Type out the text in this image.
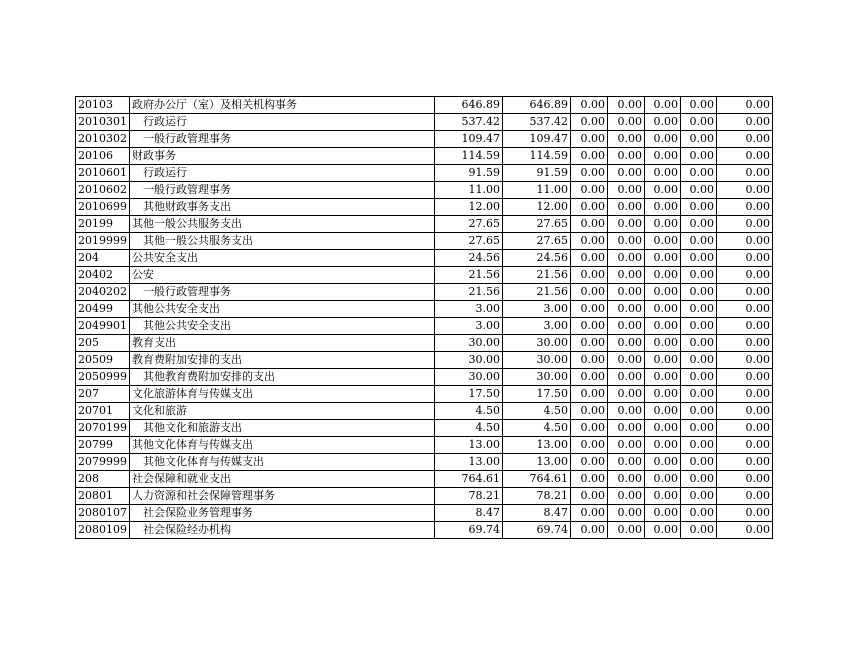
20103	政府办公厅（室）及相关机构事务	646.89	646.89	0.00	0.00	0.00	0.00	0.00
2010301	　行政运行	537.42	537.42	0.00	0.00	0.00	0.00	0.00
2010302	　一般行政管理事务	109.47	109.47	0.00	0.00	0.00	0.00	0.00
20106	财政事务	114.59	114.59	0.00	0.00	0.00	0.00	0.00
2010601	　行政运行	91.59	91.59	0.00	0.00	0.00	0.00	0.00
2010602	　一般行政管理事务	11.00	11.00	0.00	0.00	0.00	0.00	0.00
2010699	　其他财政事务支出	12.00	12.00	0.00	0.00	0.00	0.00	0.00
20199	其他一般公共服务支出	27.65	27.65	0.00	0.00	0.00	0.00	0.00
2019999	　其他一般公共服务支出	27.65	27.65	0.00	0.00	0.00	0.00	0.00
204	公共安全支出	24.56	24.56	0.00	0.00	0.00	0.00	0.00
20402	公安	21.56	21.56	0.00	0.00	0.00	0.00	0.00
2040202	　一般行政管理事务	21.56	21.56	0.00	0.00	0.00	0.00	0.00
20499	其他公共安全支出	3.00	3.00	0.00	0.00	0.00	0.00	0.00
2049901	　其他公共安全支出	3.00	3.00	0.00	0.00	0.00	0.00	0.00
205	教育支出	30.00	30.00	0.00	0.00	0.00	0.00	0.00
20509	教育费附加安排的支出	30.00	30.00	0.00	0.00	0.00	0.00	0.00
2050999	　其他教育费附加安排的支出	30.00	30.00	0.00	0.00	0.00	0.00	0.00
207	文化旅游体育与传媒支出	17.50	17.50	0.00	0.00	0.00	0.00	0.00
20701	文化和旅游	4.50	4.50	0.00	0.00	0.00	0.00	0.00
2070199	　其他文化和旅游支出	4.50	4.50	0.00	0.00	0.00	0.00	0.00
20799	其他文化体育与传媒支出	13.00	13.00	0.00	0.00	0.00	0.00	0.00
2079999	　其他文化体育与传媒支出	13.00	13.00	0.00	0.00	0.00	0.00	0.00
208	社会保障和就业支出	764.61	764.61	0.00	0.00	0.00	0.00	0.00
20801	人力资源和社会保障管理事务	78.21	78.21	0.00	0.00	0.00	0.00	0.00
2080107	　社会保险业务管理事务	8.47	8.47	0.00	0.00	0.00	0.00	0.00
2080109	　社会保险经办机构	69.74	69.74	0.00	0.00	0.00	0.00	0.00
